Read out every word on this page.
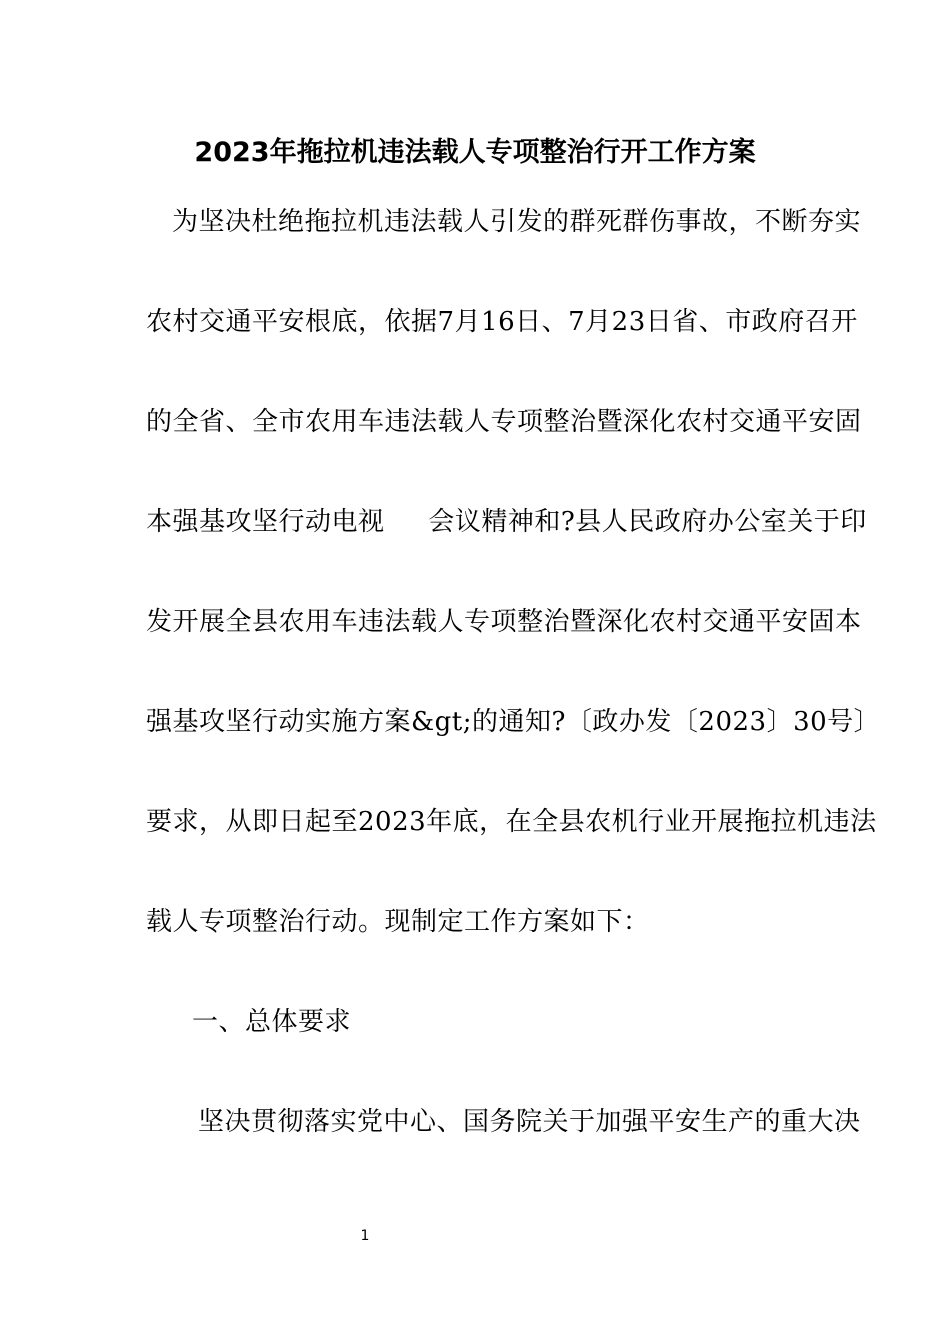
2023年拖拉机违法载人专项整治行开工作方案
为坚决杜绝拖拉机违法载人引发的群死群伤事故，不断夯实
农村交通平安根底，依据7月16日、7月23日省、市政府召开
的全省、全市农用车违法载人专项整治暨深化农村交通平安固
本强基攻坚行动电视     会议精神和?县人民政府办公室关于印
发开展全县农用车违法载人专项整治暨深化农村交通平安固本
强基攻坚行动实施方案&gt;的通知?〔政办发〔2023〕30号〕
要求，从即日起至2023年底，在全县农机行业开展拖拉机违法
载人专项整治行动。现制定工作方案如下：
一、总体要求
坚决贯彻落实党中心、国务院关于加强平安生产的重大决
1
